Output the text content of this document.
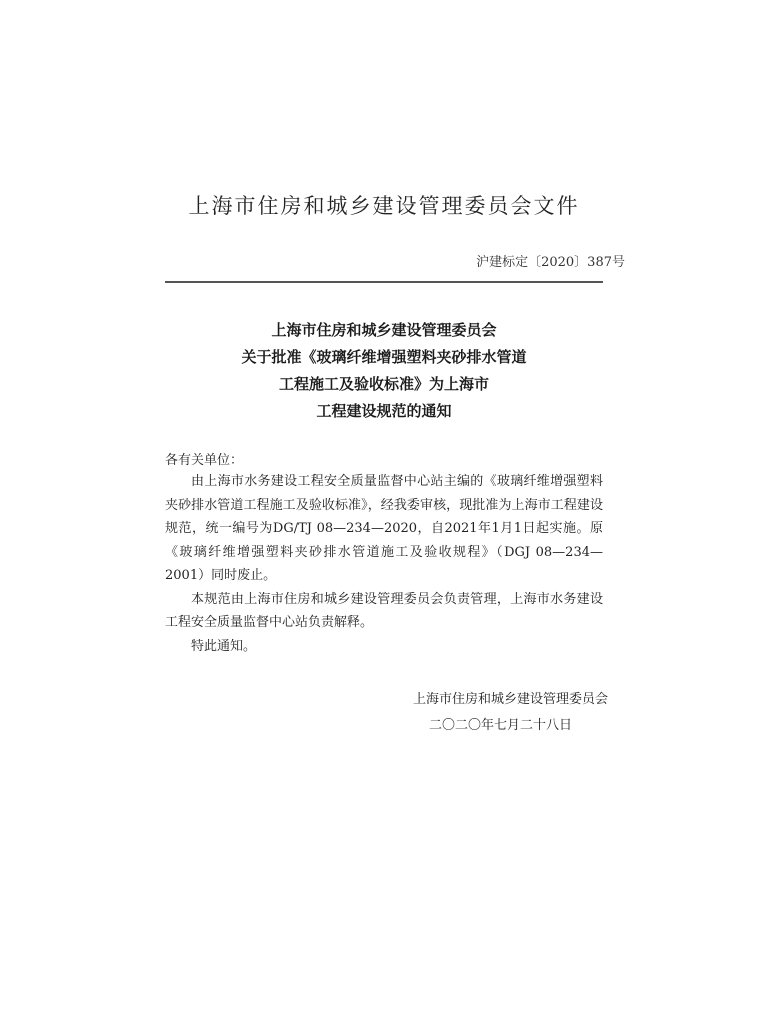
上海市住房和城乡建设管理委员会文件
沪建标定〔2020〕387号
上海市住房和城乡建设管理委员会
关于批准《玻璃纤维增强塑料夹砂排水管道
工程施工及验收标准》为上海市
工程建设规范的通知
各有关单位：

由上海市水务建设工程安全质量监督中心站主编的《玻璃纤维增强塑料夹砂排水管道工程施工及验收标准》，经我委审核，现批准为上海市工程建设规范，统一编号为DG/TJ 08—234—2020，自2021年1月1日起实施。原《玻璃纤维增强塑料夹砂排水管道施工及验收规程》（DGJ 08—234—2001）同时废止。

本规范由上海市住房和城乡建设管理委员会负责管理，上海市水务建设工程安全质量监督中心站负责解释。

特此通知。

上海市住房和城乡建设管理委员会
二〇二〇年七月二十八日
